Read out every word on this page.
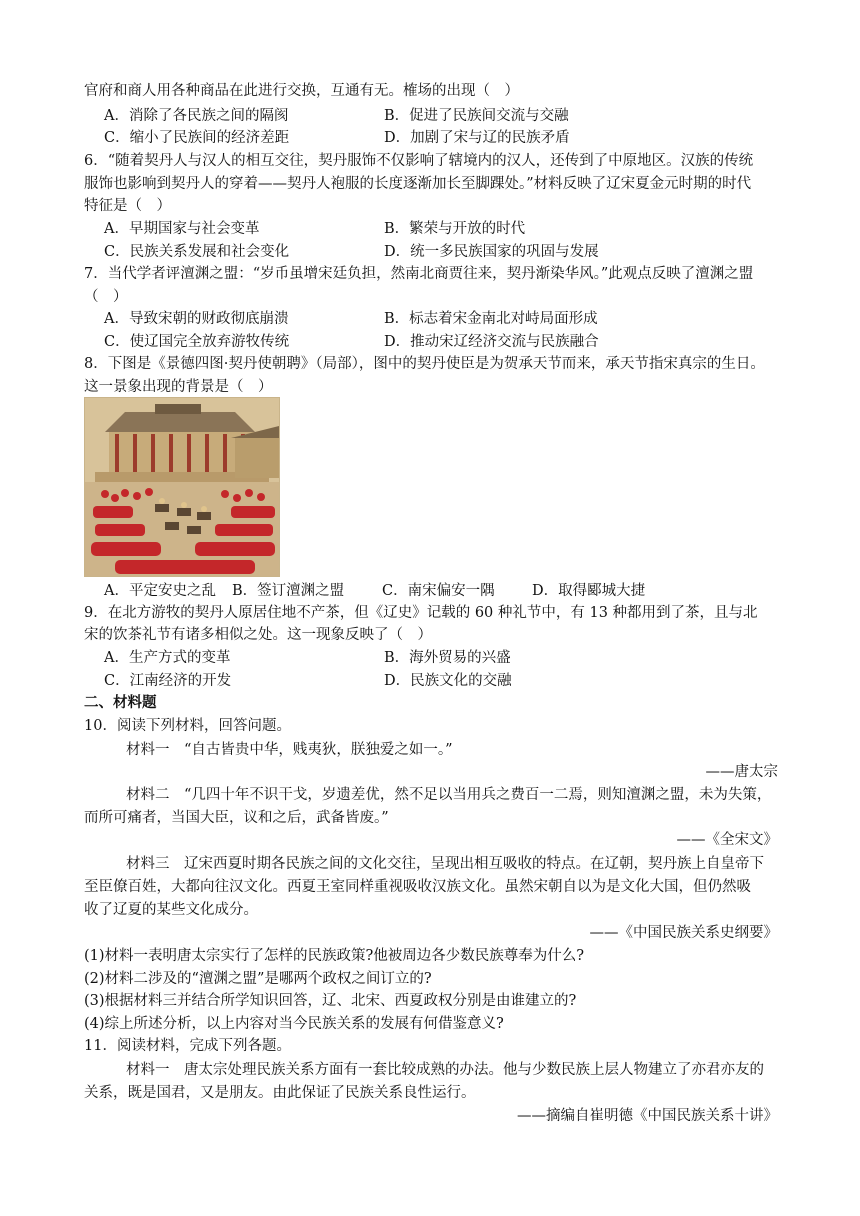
官府和商人用各种商品在此进行交换，互通有无。榷场的出现（　）
A．消除了各民族之间的隔阂	B．促进了民族间交流与交融
C．缩小了民族间的经济差距	D．加剧了宋与辽的民族矛盾
6．“随着契丹人与汉人的相互交往，契丹服饰不仅影响了辖境内的汉人，还传到了中原地区。汉族的传统
服饰也影响到契丹人的穿着——契丹人袍服的长度逐渐加长至脚踝处。”材料反映了辽宋夏金元时期的时代
特征是（　）
A．早期国家与社会变革	B．繁荣与开放的时代
C．民族关系发展和社会变化	D．统一多民族国家的巩固与发展
7．当代学者评澶渊之盟：“岁币虽增宋廷负担，然南北商贾往来，契丹渐染华风。”此观点反映了澶渊之盟
（　）
A．导致宋朝的财政彻底崩溃	B．标志着宋金南北对峙局面形成
C．使辽国完全放弃游牧传统	D．推动宋辽经济交流与民族融合
8．下图是《景德四图·契丹使朝聘》（局部），图中的契丹使臣是为贺承天节而来，承天节指宋真宗的生日。
这一景象出现的背景是（　）
A．平定安史之乱 B．签订澶渊之盟	C．南宋偏安一隅	D．取得郾城大捷
9．在北方游牧的契丹人原居住地不产茶，但《辽史》记载的 60 种礼节中，有 13 种都用到了茶，且与北
宋的饮茶礼节有诸多相似之处。这一现象反映了（　）
A．生产方式的变革	B．海外贸易的兴盛
C．江南经济的开发	D．民族文化的交融
二、材料题
10．阅读下列材料，回答问题。
材料一　“自古皆贵中华，贱夷狄，朕独爱之如一。”
——唐太宗
材料二　“几四十年不识干戈，岁遗差优，然不足以当用兵之费百一二焉，则知澶渊之盟，未为失策，
而所可痛者，当国大臣，议和之后，武备皆废。”
——《全宋文》
材料三　辽宋西夏时期各民族之间的文化交往，呈现出相互吸收的特点。在辽朝，契丹族上自皇帝下
至臣僚百姓，大都向往汉文化。西夏王室同样重视吸收汉族文化。虽然宋朝自以为是文化大国，但仍然吸
收了辽夏的某些文化成分。
——《中国民族关系史纲要》
(1)材料一表明唐太宗实行了怎样的民族政策?他被周边各少数民族尊奉为什么?
(2)材料二涉及的“澶渊之盟”是哪两个政权之间订立的?
(3)根据材料三并结合所学知识回答，辽、北宋、西夏政权分别是由谁建立的?
(4)综上所述分析，以上内容对当今民族关系的发展有何借鉴意义?
11．阅读材料，完成下列各题。
材料一　唐太宗处理民族关系方面有一套比较成熟的办法。他与少数民族上层人物建立了亦君亦友的
关系，既是国君，又是朋友。由此保证了民族关系良性运行。
——摘编自崔明德《中国民族关系十讲》
